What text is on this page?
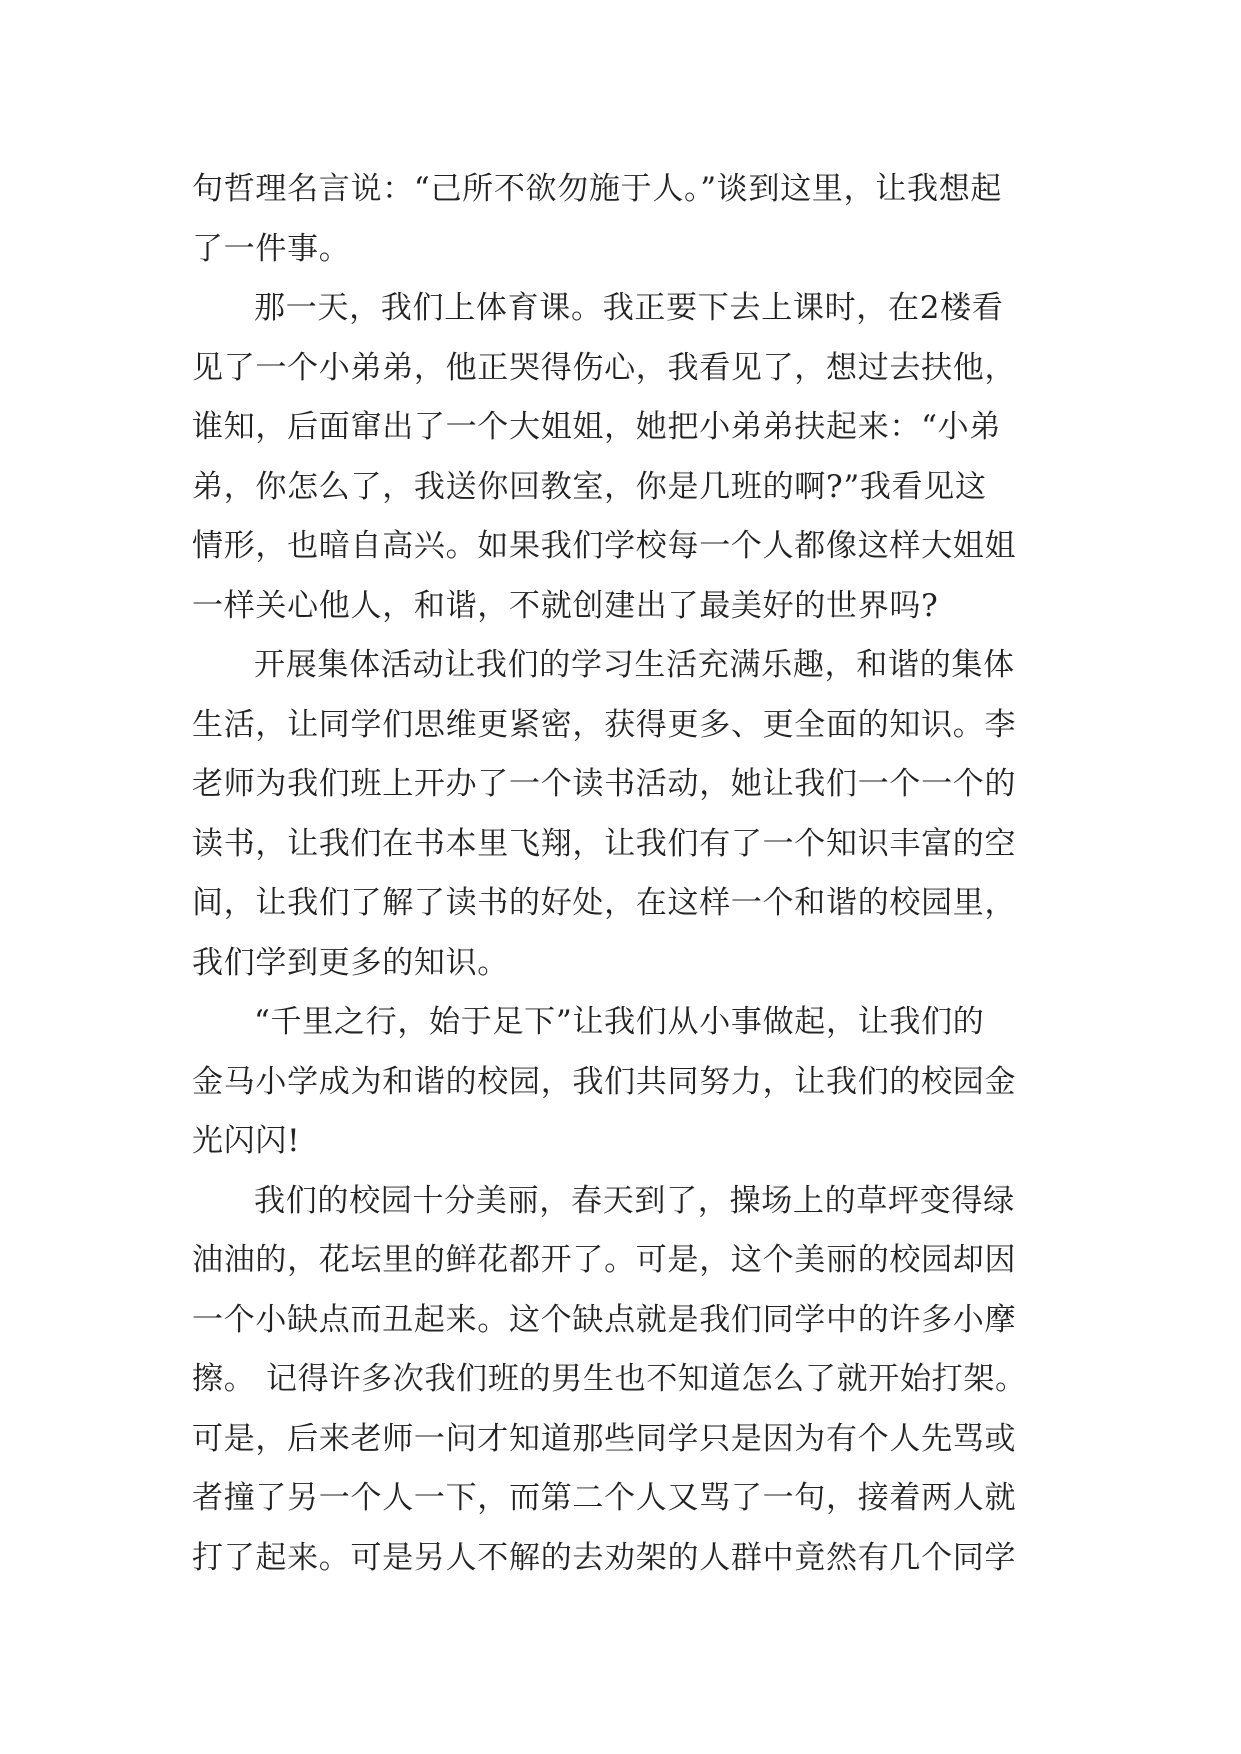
句哲理名言说：“己所不欲勿施于人。”谈到这里，让我想起
了一件事。
那一天，我们上体育课。我正要下去上课时，在2楼看
见了一个小弟弟，他正哭得伤心，我看见了，想过去扶他，
谁知，后面窜出了一个大姐姐，她把小弟弟扶起来：“小弟
弟，你怎么了，我送你回教室，你是几班的啊?”我看见这
情形，也暗自高兴。如果我们学校每一个人都像这样大姐姐
一样关心他人，和谐，不就创建出了最美好的世界吗?
开展集体活动让我们的学习生活充满乐趣，和谐的集体
生活，让同学们思维更紧密，获得更多、更全面的知识。李
老师为我们班上开办了一个读书活动，她让我们一个一个的
读书，让我们在书本里飞翔，让我们有了一个知识丰富的空
间，让我们了解了读书的好处，在这样一个和谐的校园里，
我们学到更多的知识。
“千里之行，始于足下”让我们从小事做起，让我们的
金马小学成为和谐的校园，我们共同努力，让我们的校园金
光闪闪!
我们的校园十分美丽，春天到了，操场上的草坪变得绿
油油的，花坛里的鲜花都开了。可是，这个美丽的校园却因
一个小缺点而丑起来。这个缺点就是我们同学中的许多小摩
擦。 记得许多次我们班的男生也不知道怎么了就开始打架。
可是，后来老师一问才知道那些同学只是因为有个人先骂或
者撞了另一个人一下，而第二个人又骂了一句，接着两人就
打了起来。可是另人不解的去劝架的人群中竟然有几个同学
